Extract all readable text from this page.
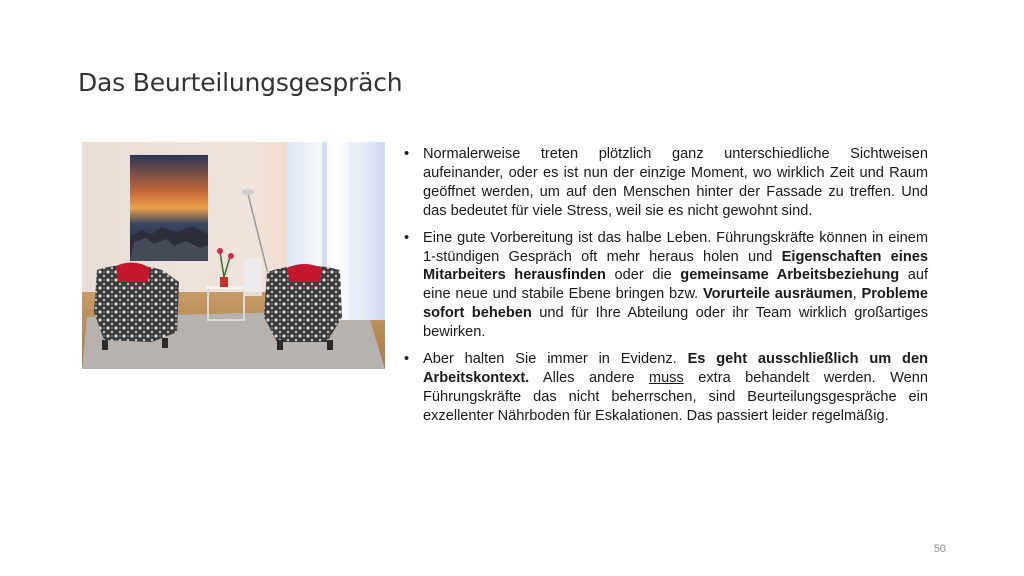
Das Beurteilungsgespräch
• Normalerweise treten plötzlich ganz unterschiedliche Sichtweisen aufeinander, oder es ist nun der einzige Moment, wo wirklich Zeit und Raum geöffnet werden, um auf den Menschen hinter der Fassade zu treffen. Und das bedeutet für viele Stress, weil sie es nicht gewohnt sind.
• Eine gute Vorbereitung ist das halbe Leben. Führungskräfte können in einem 1-stündigen Gespräch oft mehr heraus holen und Eigenschaften eines Mitarbeiters herausfinden oder die gemeinsame Arbeitsbeziehung auf eine neue und stabile Ebene bringen bzw. Vorurteile ausräumen, Probleme sofort beheben und für Ihre Abteilung oder ihr Team wirklich großartiges bewirken.
• Aber halten Sie immer in Evidenz. Es geht ausschließlich um den Arbeitskontext. Alles andere muss extra behandelt werden. Wenn Führungskräfte das nicht beherrschen, sind Beurteilungsgespräche ein exzellenter Nährboden für Eskalationen. Das passiert leider regelmäßig.
50
